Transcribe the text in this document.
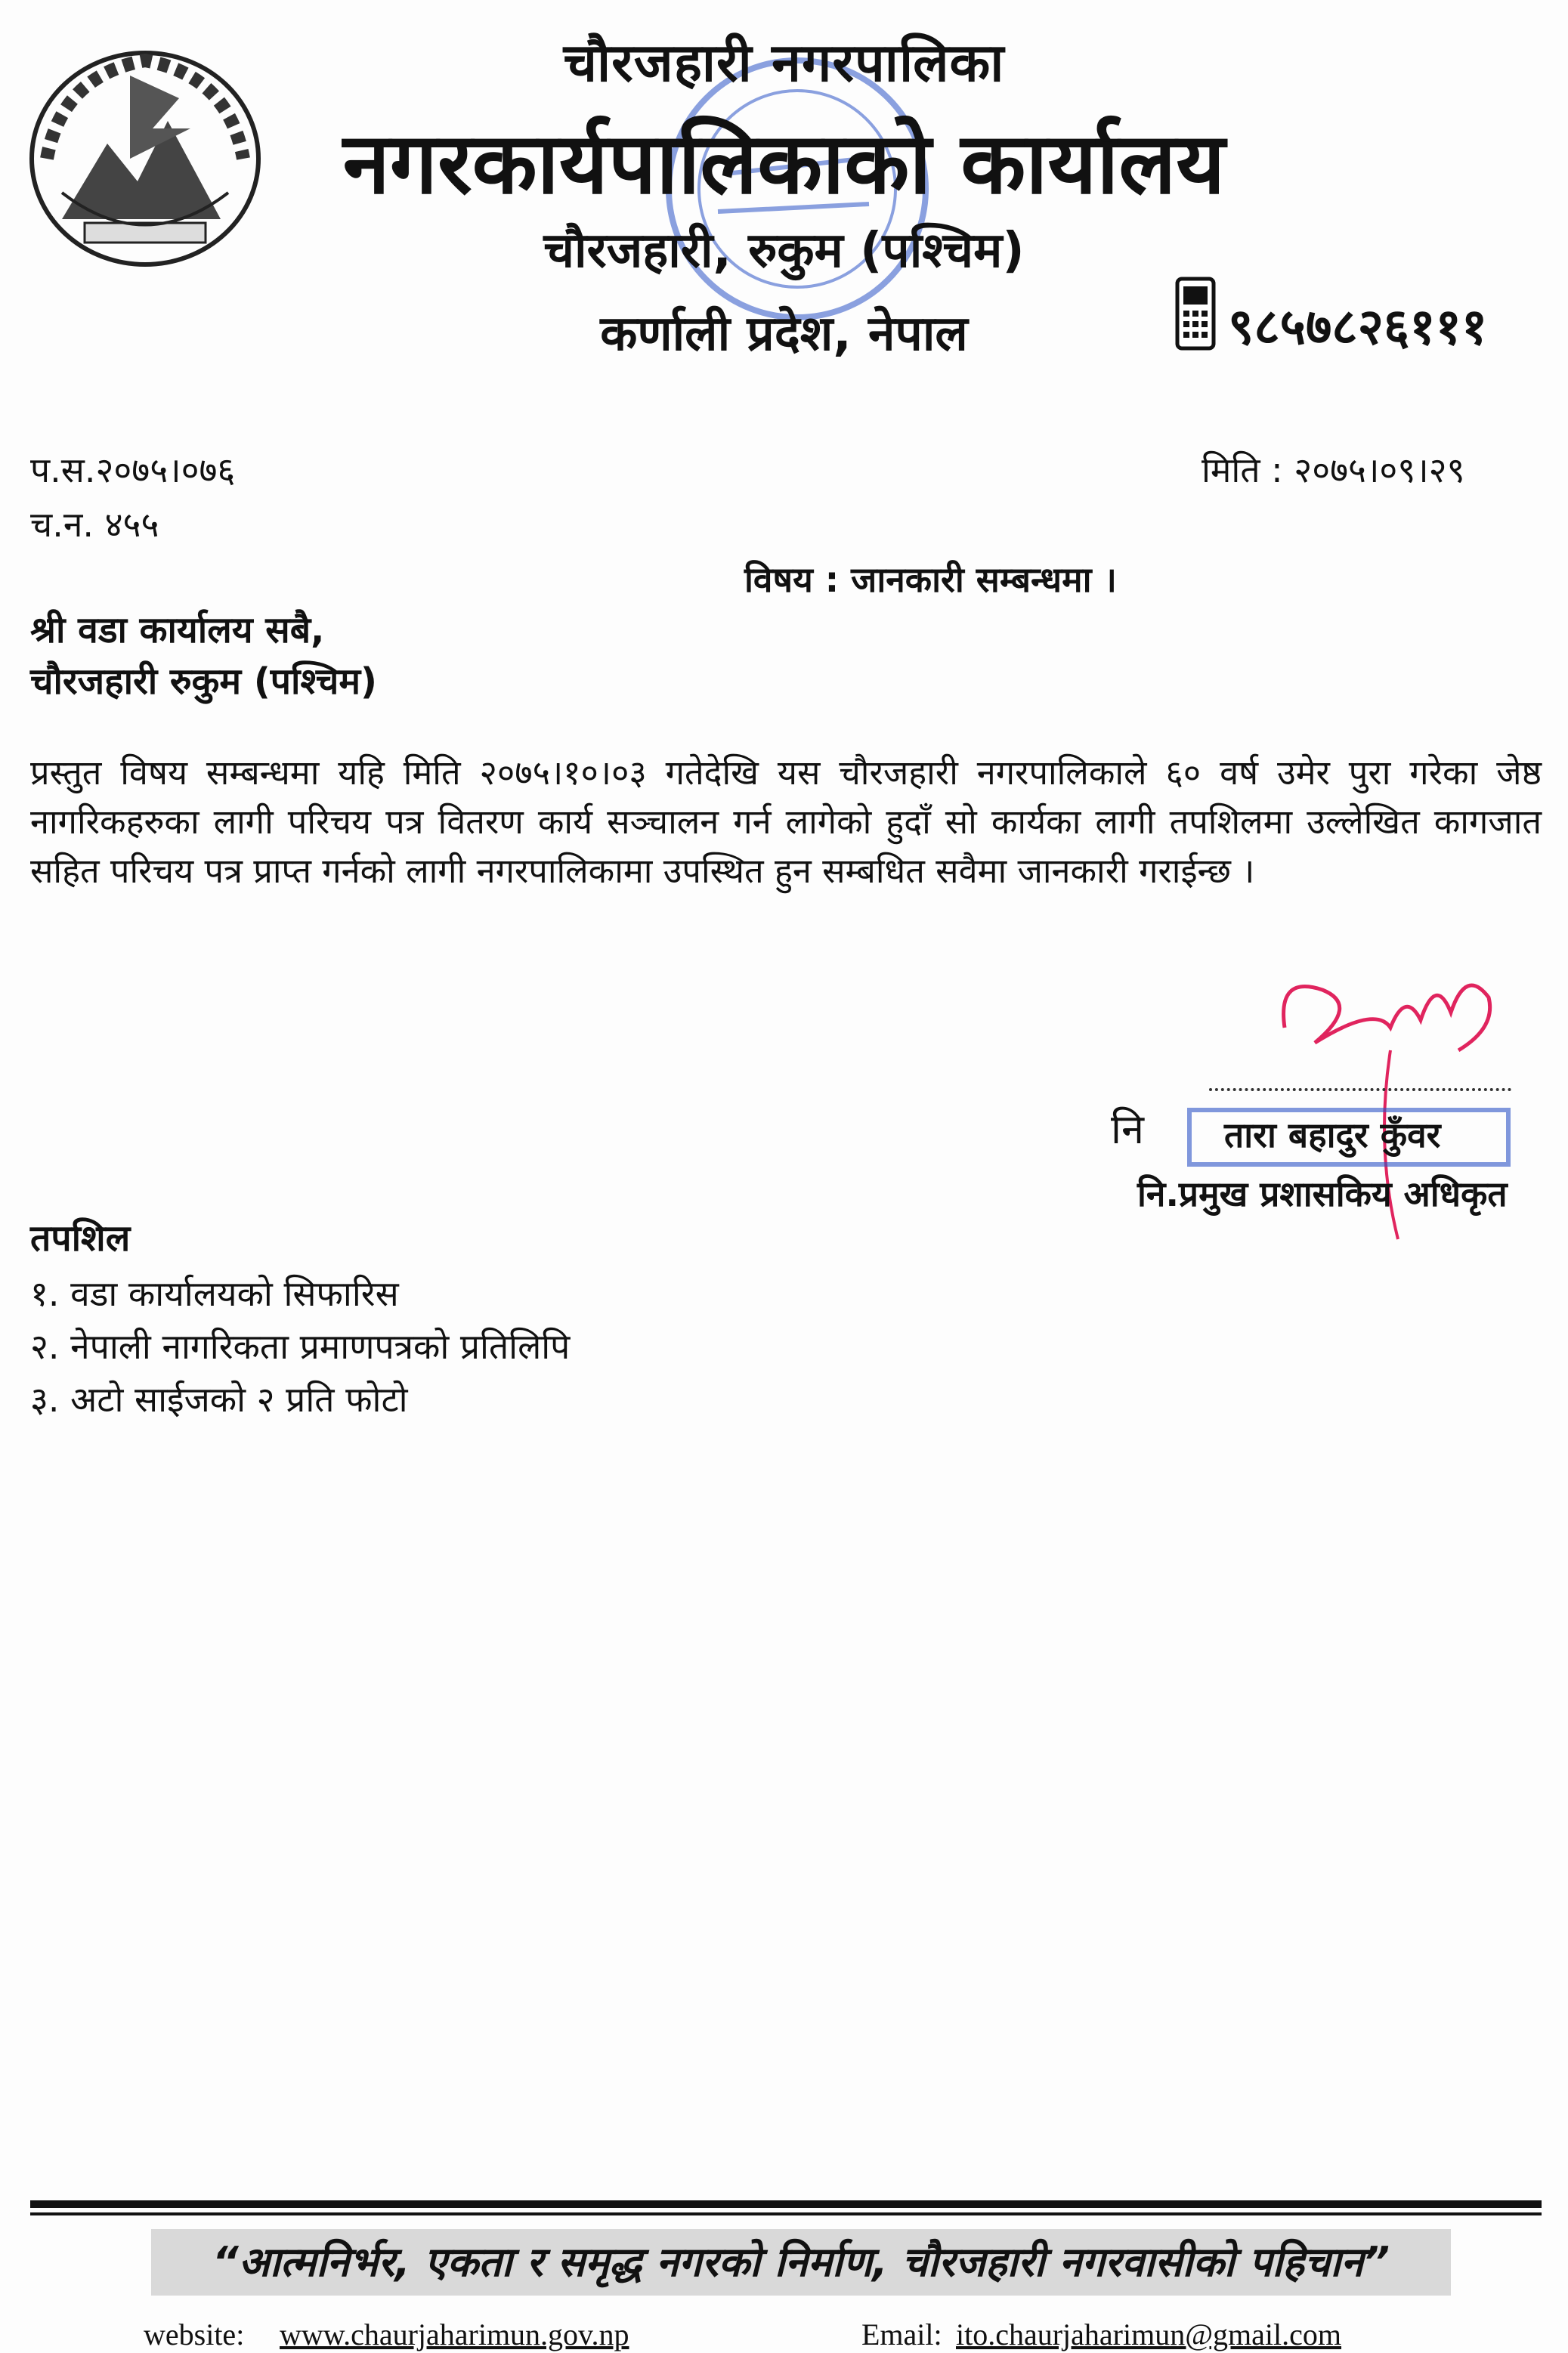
चौरजहारी नगरपालिका
नगरकार्यपालिकाको कार्यालय
चौरजहारी, रुकुम (पश्चिम)
कर्णाली प्रदेश, नेपाल	९८५७८२६१११
प.स.२०७५।०७६
च.न. ४५५
मिति : २०७५।०९।२९
विषय : जानकारी सम्बन्धमा ।
श्री वडा कार्यालय सबै,
चौरजहारी रुकुम (पश्चिम)
प्रस्तुत विषय सम्बन्धमा यहि मिति २०७५।१०।०३ गतेदेखि यस चौरजहारी नगरपालिकाले ६० वर्ष उमेर पुरा गरेका जेष्ठ नागरिकहरुका लागी परिचय पत्र वितरण कार्य सञ्चालन गर्न लागेको हुदाँ सो कार्यका लागी तपशिलमा उल्लेखित कागजात सहित परिचय पत्र प्राप्त गर्नको लागी नगरपालिकामा उपस्थित हुन सम्बधित सवैमा जानकारी गराईन्छ ।
नि तारा बहादुर कुँवर
नि.प्रमुख प्रशासकिय अधिकृत
तपशिल
१. वडा कार्यालयको सिफारिस
२. नेपाली नागरिकता प्रमाणपत्रको प्रतिलिपि
३. अटो साईजको २ प्रति फोटो
“आत्मनिर्भर, एकता र समृद्ध नगरको निर्माण, चौरजहारी नगरवासीको पहिचान”
website: www.chaurjaharimun.gov.np	Email: ito.chaurjaharimun@gmail.com
